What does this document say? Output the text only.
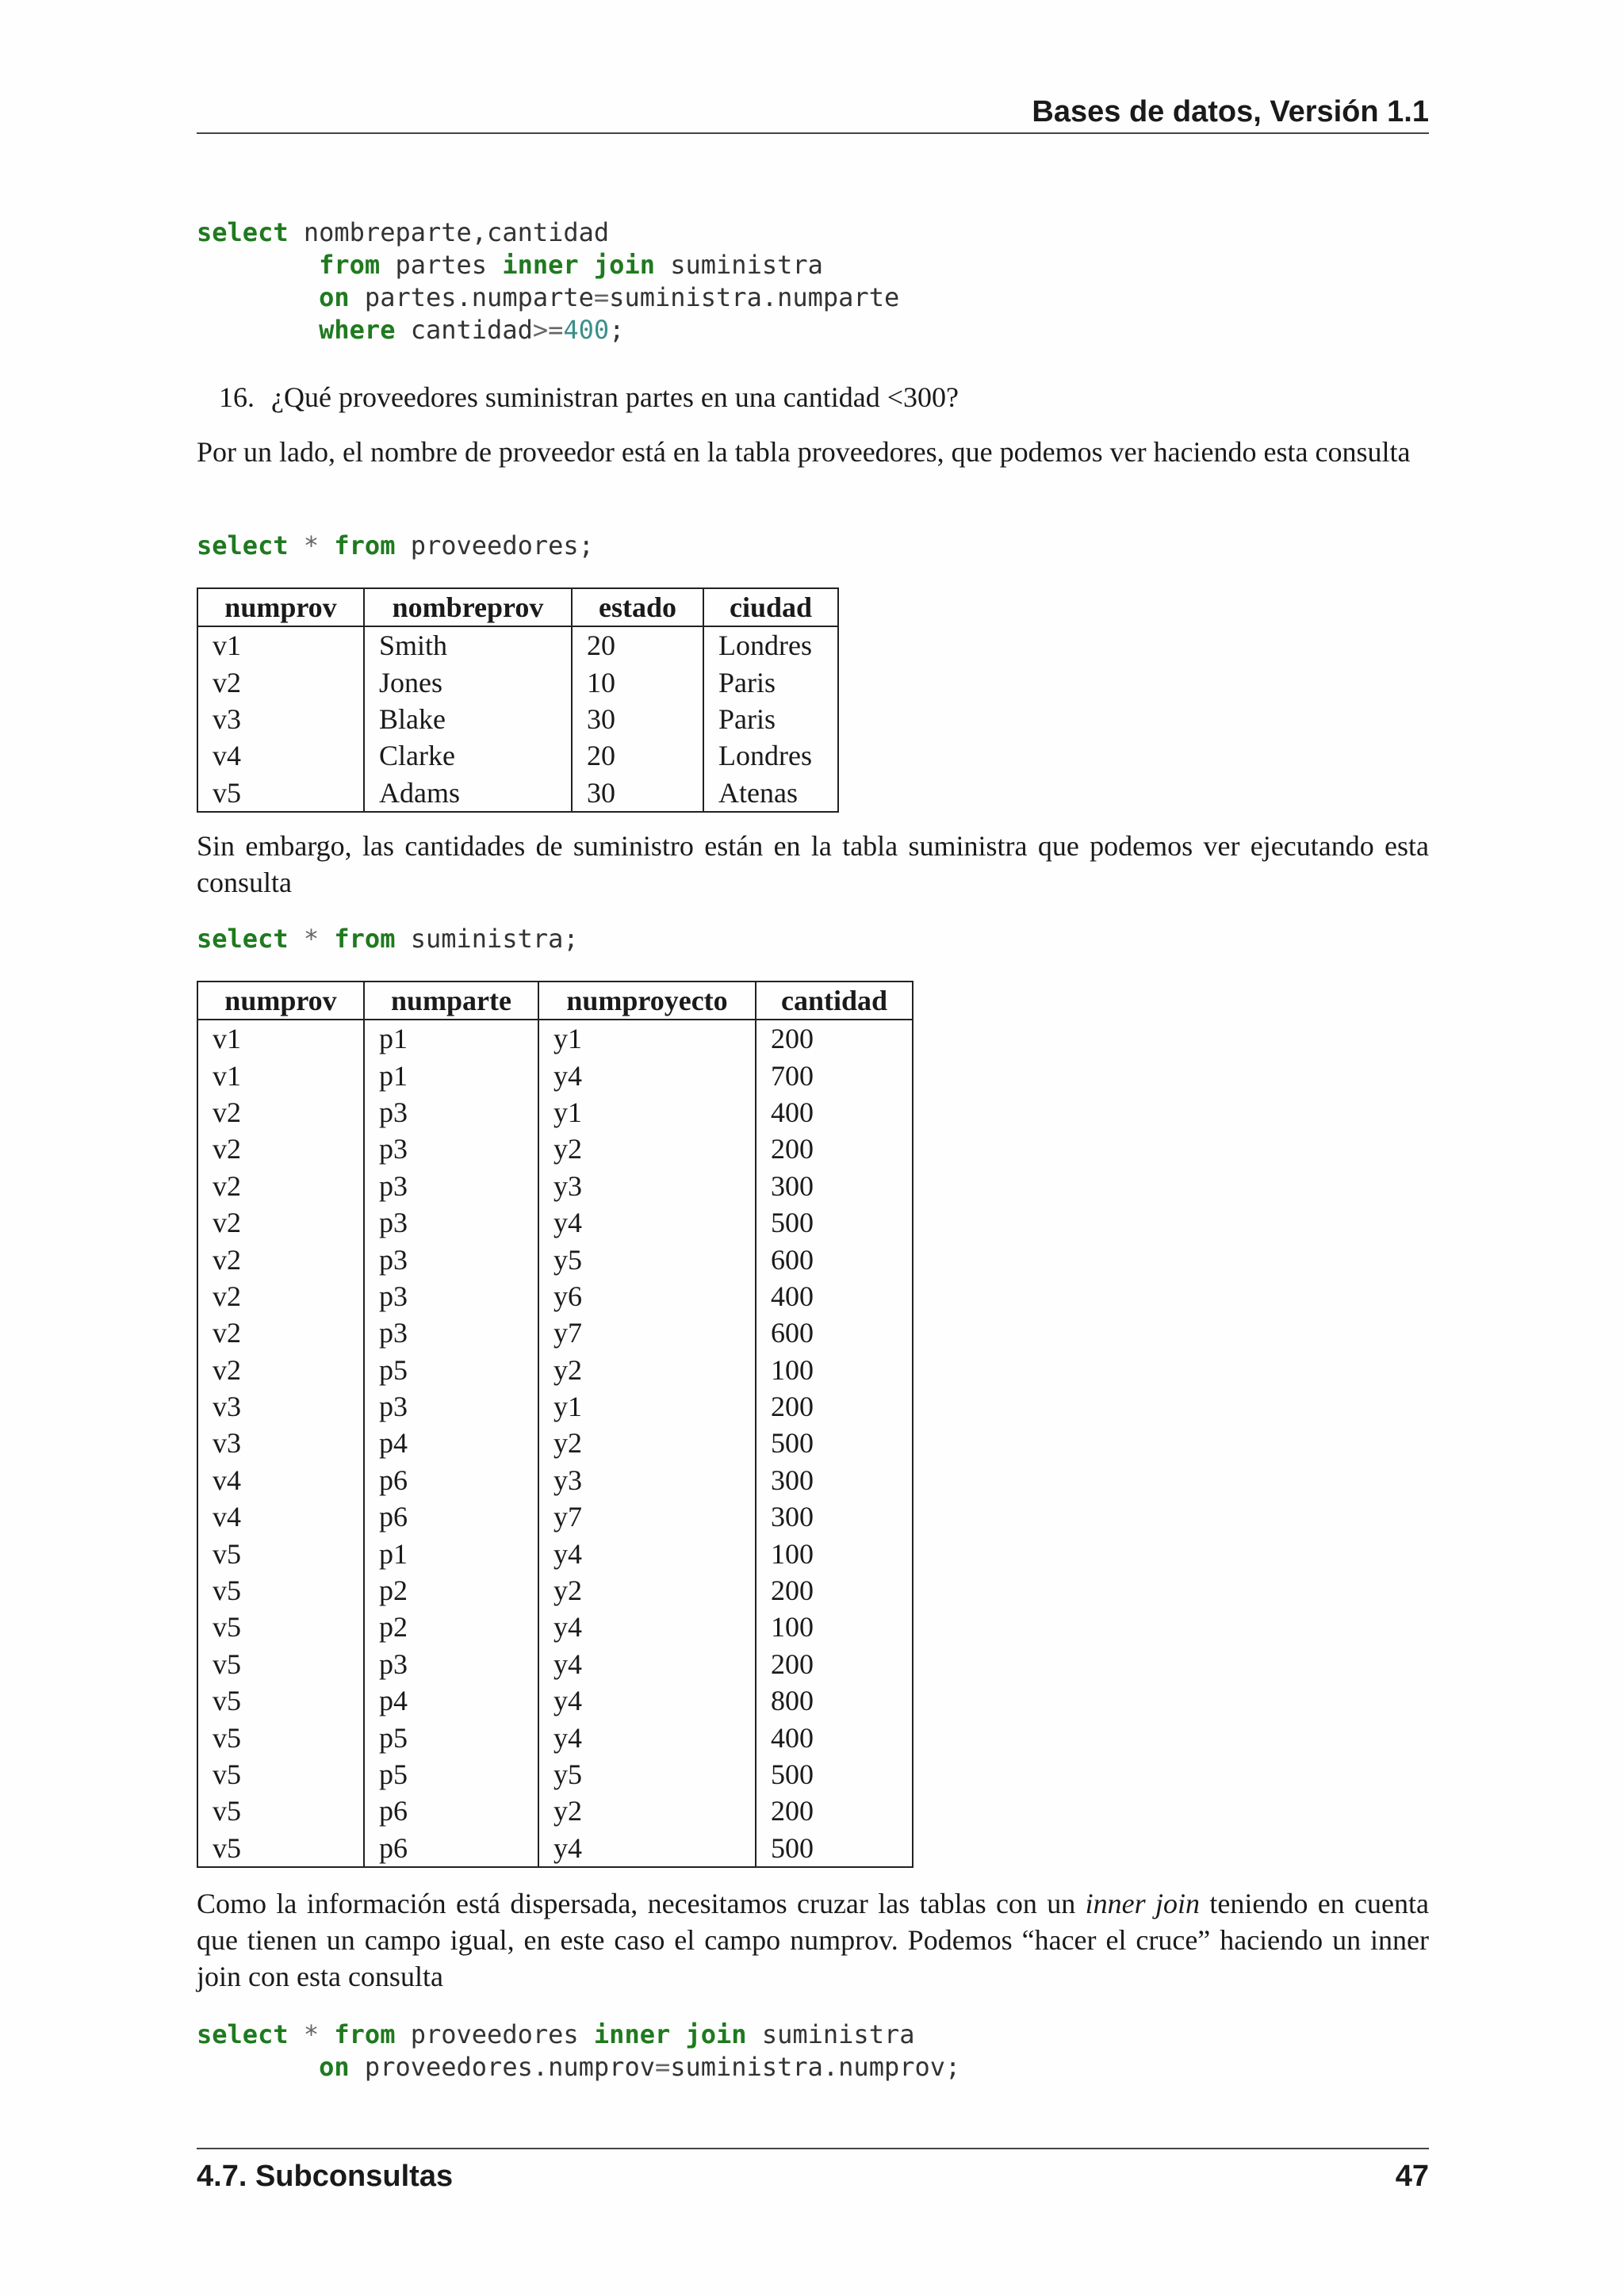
Bases de datos, Versión 1.1
select nombreparte,cantidad
from partes inner join suministra
on partes.numparte=suministra.numparte
where cantidad>=400;
16. ¿Qué proveedores suministran partes en una cantidad <300?
Por un lado, el nombre de proveedor está en la tabla proveedores, que podemos ver haciendo esta consulta
select * from proveedores;
numprov	nombreprov	estado	ciudad
v1	Smith	20	Londres
v2	Jones	10	Paris
v3	Blake	30	Paris
v4	Clarke	20	Londres
v5	Adams	30	Atenas
Sin embargo, las cantidades de suministro están en la tabla suministra que podemos ver ejecutando esta consulta
select * from suministra;
numprov	numparte	numproyecto	cantidad
v1	p1	y1	200
v1	p1	y4	700
v2	p3	y1	400
v2	p3	y2	200
v2	p3	y3	300
v2	p3	y4	500
v2	p3	y5	600
v2	p3	y6	400
v2	p3	y7	600
v2	p5	y2	100
v3	p3	y1	200
v3	p4	y2	500
v4	p6	y3	300
v4	p6	y7	300
v5	p1	y4	100
v5	p2	y2	200
v5	p2	y4	100
v5	p3	y4	200
v5	p4	y4	800
v5	p5	y4	400
v5	p5	y5	500
v5	p6	y2	200
v5	p6	y4	500
Como la información está dispersada, necesitamos cruzar las tablas con un inner join teniendo en cuenta que tienen un campo igual, en este caso el campo numprov. Podemos “hacer el cruce” haciendo un inner join con esta consulta
select * from proveedores inner join suministra
on proveedores.numprov=suministra.numprov;
4.7. Subconsultas	47
